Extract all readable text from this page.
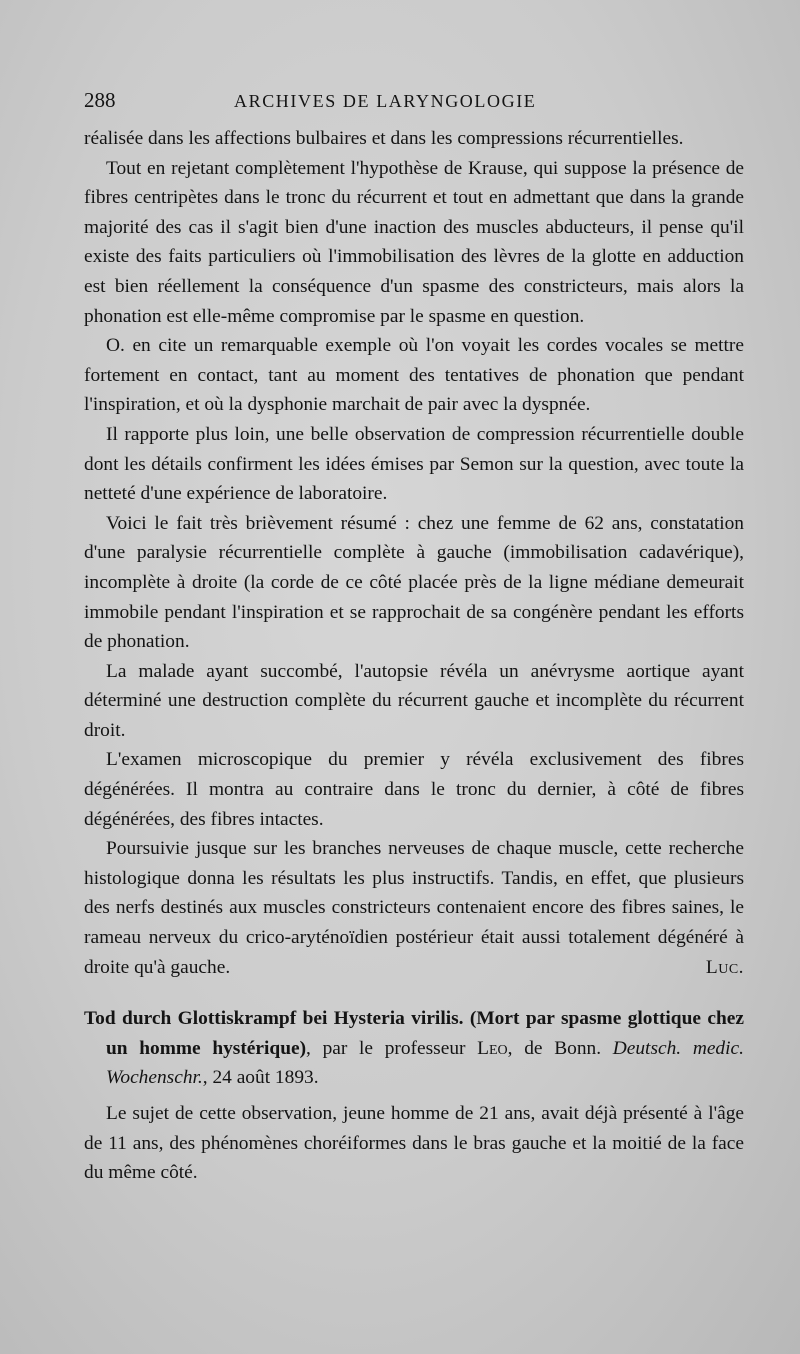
288	ARCHIVES DE LARYNGOLOGIE

réalisée dans les affections bulbaires et dans les compressions récurrentielles.

Tout en rejetant complètement l'hypothèse de Krause, qui suppose la présence de fibres centripètes dans le tronc du récurrent et tout en admettant que dans la grande majorité des cas il s'agit bien d'une inaction des muscles abducteurs, il pense qu'il existe des faits particuliers où l'immobilisation des lèvres de la glotte en adduction est bien réellement la conséquence d'un spasme des constricteurs, mais alors la phonation est elle-même compromise par le spasme en question.

O. en cite un remarquable exemple où l'on voyait les cordes vocales se mettre fortement en contact, tant au moment des tentatives de phonation que pendant l'inspiration, et où la dysphonie marchait de pair avec la dyspnée.

Il rapporte plus loin, une belle observation de compression récurrentielle double dont les détails confirment les idées émises par Semon sur la question, avec toute la netteté d'une expérience de laboratoire.

Voici le fait très brièvement résumé : chez une femme de 62 ans, constatation d'une paralysie récurrentielle complète à gauche (immobilisation cadavérique), incomplète à droite (la corde de ce côté placée près de la ligne médiane demeurait immobile pendant l'inspiration et se rapprochait de sa congénère pendant les efforts de phonation.

La malade ayant succombé, l'autopsie révéla un anévrysme aortique ayant déterminé une destruction complète du récurrent gauche et incomplète du récurrent droit.

L'examen microscopique du premier y révéla exclusivement des fibres dégénérées. Il montra au contraire dans le tronc du dernier, à côté de fibres dégénérées, des fibres intactes.

Poursuivie jusque sur les branches nerveuses de chaque muscle, cette recherche histologique donna les résultats les plus instructifs. Tandis, en effet, que plusieurs des nerfs destinés aux muscles constricteurs contenaient encore des fibres saines, le rameau nerveux du crico-aryténoïdien postérieur était aussi totalement dégénéré à droite qu'à gauche.	Luc.

Tod durch Glottiskrampf bei Hysteria virilis. (Mort par spasme glottique chez un homme hystérique), par le professeur Leo, de Bonn. Deutsch. medic. Wochenschr., 24 août 1893.

Le sujet de cette observation, jeune homme de 21 ans, avait déjà présenté à l'âge de 11 ans, des phénomènes choréiformes dans le bras gauche et la moitié de la face du même côté.
